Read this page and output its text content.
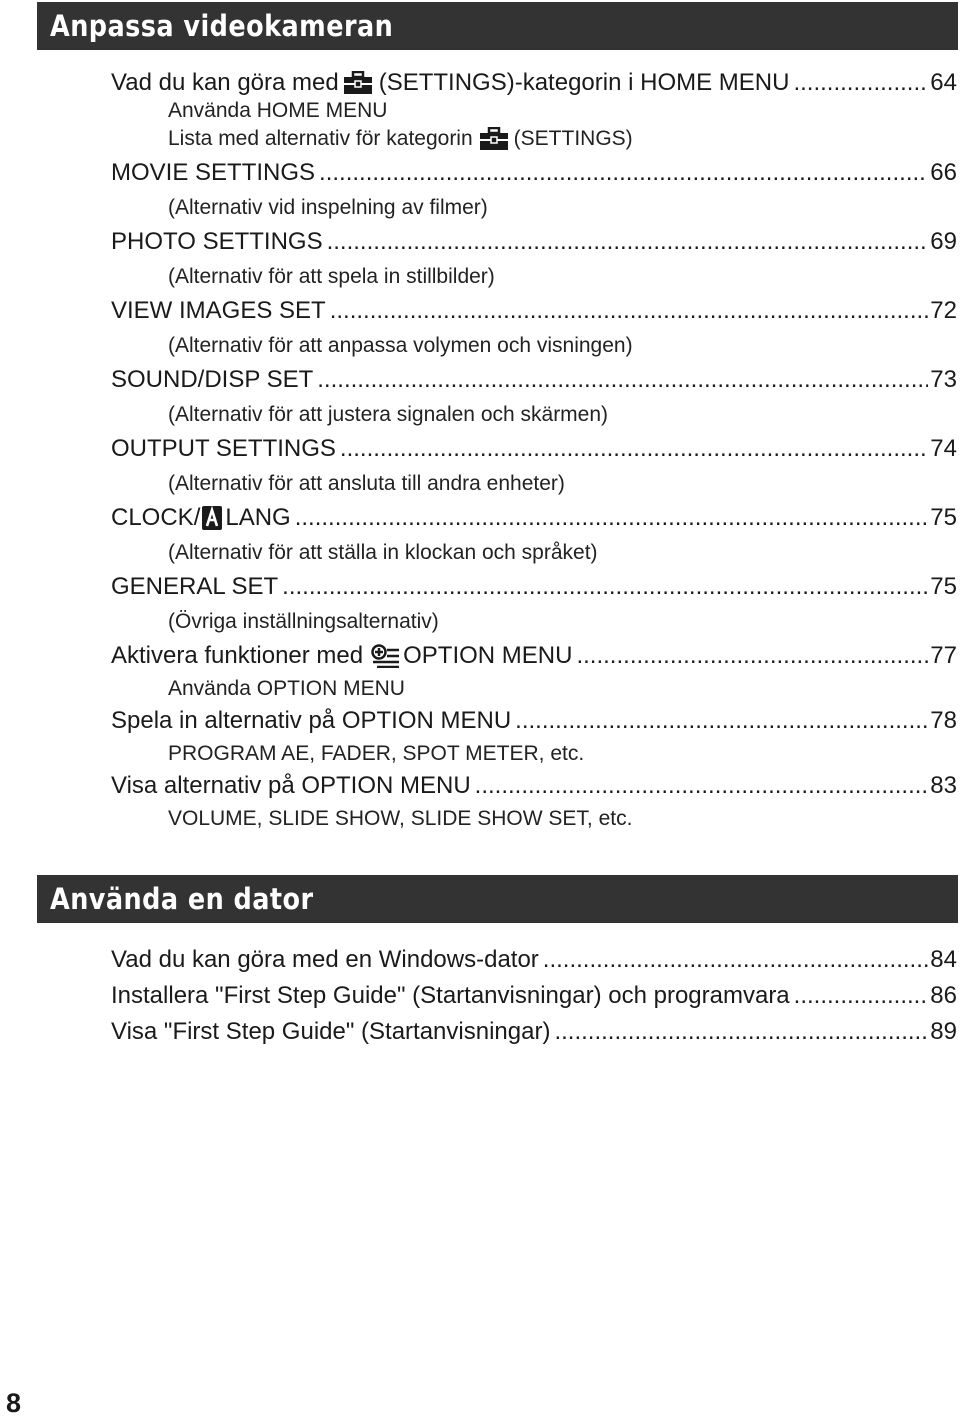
Anpassa videokameran
Vad du kan göra med (SETTINGS)-kategorin i HOME MENU .....	64
Använda HOME MENU
Lista med alternativ för kategorin (SETTINGS)
MOVIE SETTINGS .....	66
(Alternativ vid inspelning av filmer)
PHOTO SETTINGS .....	69
(Alternativ för att spela in stillbilder)
VIEW IMAGES SET .....	72
(Alternativ för att anpassa volymen och visningen)
SOUND/DISP SET .....	73
(Alternativ för att justera signalen och skärmen)
OUTPUT SETTINGS .....	74
(Alternativ för att ansluta till andra enheter)
CLOCK/ LANG .....	75
(Alternativ för att ställa in klockan och språket)
GENERAL SET .....	75
(Övriga inställningsalternativ)
Aktivera funktioner med OPTION MENU .....	77
Använda OPTION MENU
Spela in alternativ på OPTION MENU .....	78
PROGRAM AE, FADER, SPOT METER, etc.
Visa alternativ på OPTION MENU .....	83
VOLUME, SLIDE SHOW, SLIDE SHOW SET, etc.
Använda en dator
Vad du kan göra med en Windows-dator .....	84
Installera "First Step Guide" (Startanvisningar) och programvara .....	86
Visa "First Step Guide" (Startanvisningar) .....	89
8
